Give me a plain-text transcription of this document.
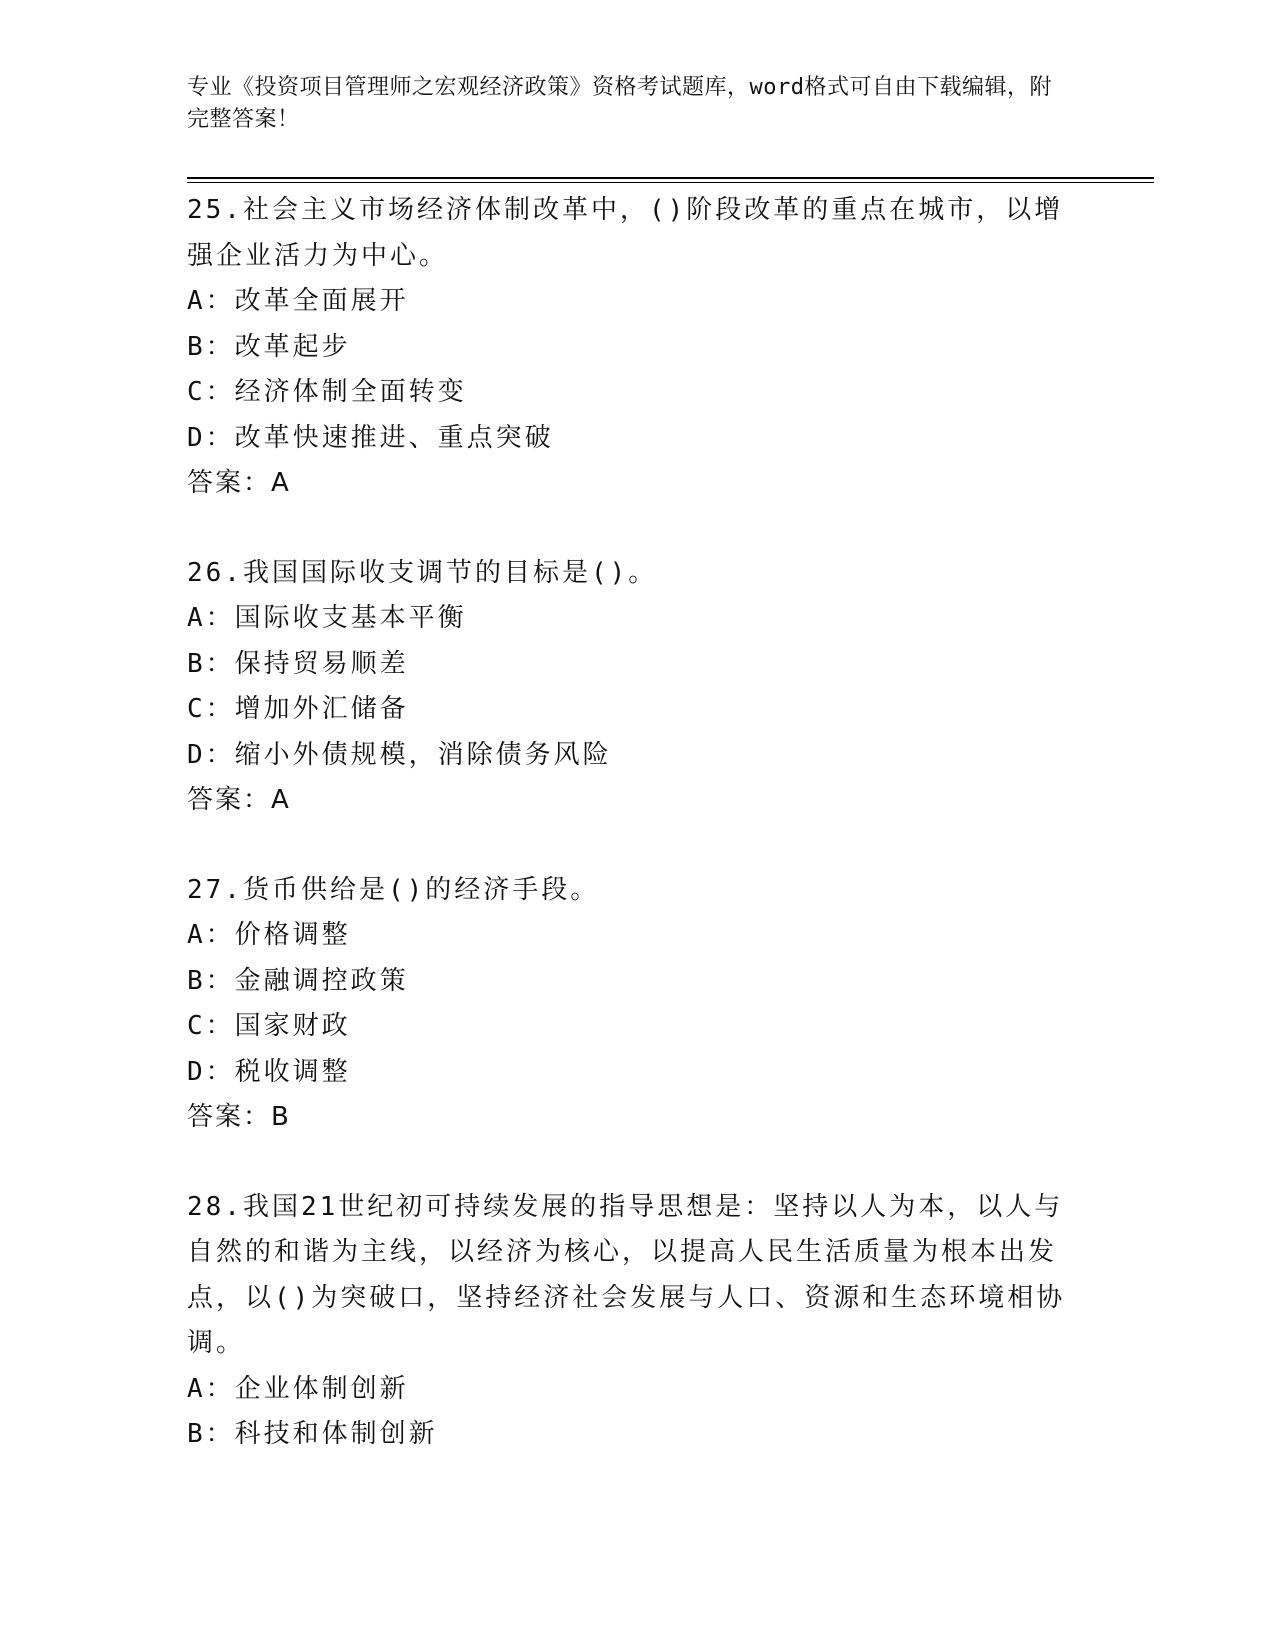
专业《投资项目管理师之宏观经济政策》资格考试题库，word格式可自由下载编辑，附完整答案！
25.社会主义市场经济体制改革中，()阶段改革的重点在城市，以增强企业活力为中心。
A：改革全面展开
B：改革起步
C：经济体制全面转变
D：改革快速推进、重点突破
答案：A
26.我国国际收支调节的目标是()。
A：国际收支基本平衡
B：保持贸易顺差
C：增加外汇储备
D：缩小外债规模，消除债务风险
答案：A
27.货币供给是()的经济手段。
A：价格调整
B：金融调控政策
C：国家财政
D：税收调整
答案：B
28.我国21世纪初可持续发展的指导思想是：坚持以人为本，以人与自然的和谐为主线，以经济为核心，以提高人民生活质量为根本出发点，以()为突破口，坚持经济社会发展与人口、资源和生态环境相协调。
A：企业体制创新
B：科技和体制创新
